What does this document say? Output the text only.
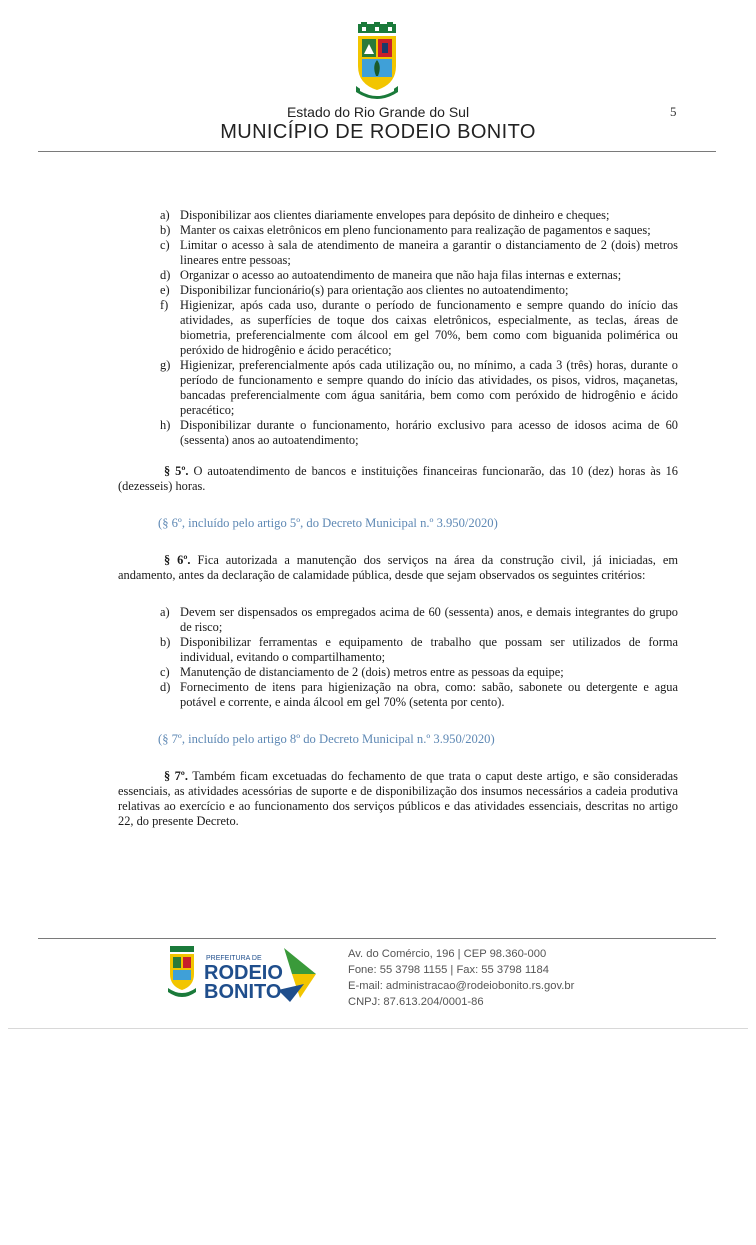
Estado do Rio Grande do Sul
MUNICÍPIO DE RODEIO BONITO
5
a) Disponibilizar aos clientes diariamente envelopes para depósito de dinheiro e cheques;
b) Manter os caixas eletrônicos em pleno funcionamento para realização de pagamentos e saques;
c) Limitar o acesso à sala de atendimento de maneira a garantir o distanciamento de 2 (dois) metros lineares entre pessoas;
d) Organizar o acesso ao autoatendimento de maneira que não haja filas internas e externas;
e) Disponibilizar funcionário(s) para orientação aos clientes no autoatendimento;
f) Higienizar, após cada uso, durante o período de funcionamento e sempre quando do início das atividades, as superfícies de toque dos caixas eletrônicos, especialmente, as teclas, áreas de biometria, preferencialmente com álcool em gel 70%, bem como com biguanida polimérica ou peróxido de hidrogênio e ácido peracético;
g) Higienizar, preferencialmente após cada utilização ou, no mínimo, a cada 3 (três) horas, durante o período de funcionamento e sempre quando do início das atividades, os pisos, vidros, maçanetas, bancadas preferencialmente com água sanitária, bem como com peróxido de hidrogênio e ácido peracético;
h) Disponibilizar durante o funcionamento, horário exclusivo para acesso de idosos acima de 60 (sessenta) anos ao autoatendimento;

§ 5º. O autoatendimento de bancos e instituições financeiras funcionarão, das 10 (dez) horas às 16 (dezesseis) horas.

(§ 6º, incluído pelo artigo 5º, do Decreto Municipal n.º 3.950/2020)

§ 6º. Fica autorizada a manutenção dos serviços na área da construção civil, já iniciadas, em andamento, antes da declaração de calamidade pública, desde que sejam observados os seguintes critérios:

a) Devem ser dispensados os empregados acima de 60 (sessenta) anos, e demais integrantes do grupo de risco;
b) Disponibilizar ferramentas e equipamento de trabalho que possam ser utilizados de forma individual, evitando o compartilhamento;
c) Manutenção de distanciamento de 2 (dois) metros entre as pessoas da equipe;
d) Fornecimento de itens para higienização na obra, como: sabão, sabonete ou detergente e agua potável e corrente, e ainda álcool em gel 70% (setenta por cento).
(§ 7º, incluído pelo artigo 8º do Decreto Municipal n.º 3.950/2020)

§ 7º. Também ficam excetuadas do fechamento de que trata o caput deste artigo, e são consideradas essenciais, as atividades acessórias de suporte e de disponibilização dos insumos necessários a cadeia produtiva relativas ao exercício e ao funcionamento dos serviços públicos e das atividades essenciais, descritas no artigo 22, do presente Decreto.

PREFEITURA DE
RODEIO
BONITO
Av. do Comércio, 196 | CEP 98.360-000
Fone: 55 3798 1155 | Fax: 55 3798 1184
E-mail: administracao@rodeiobonito.rs.gov.br
CNPJ: 87.613.204/0001-86
